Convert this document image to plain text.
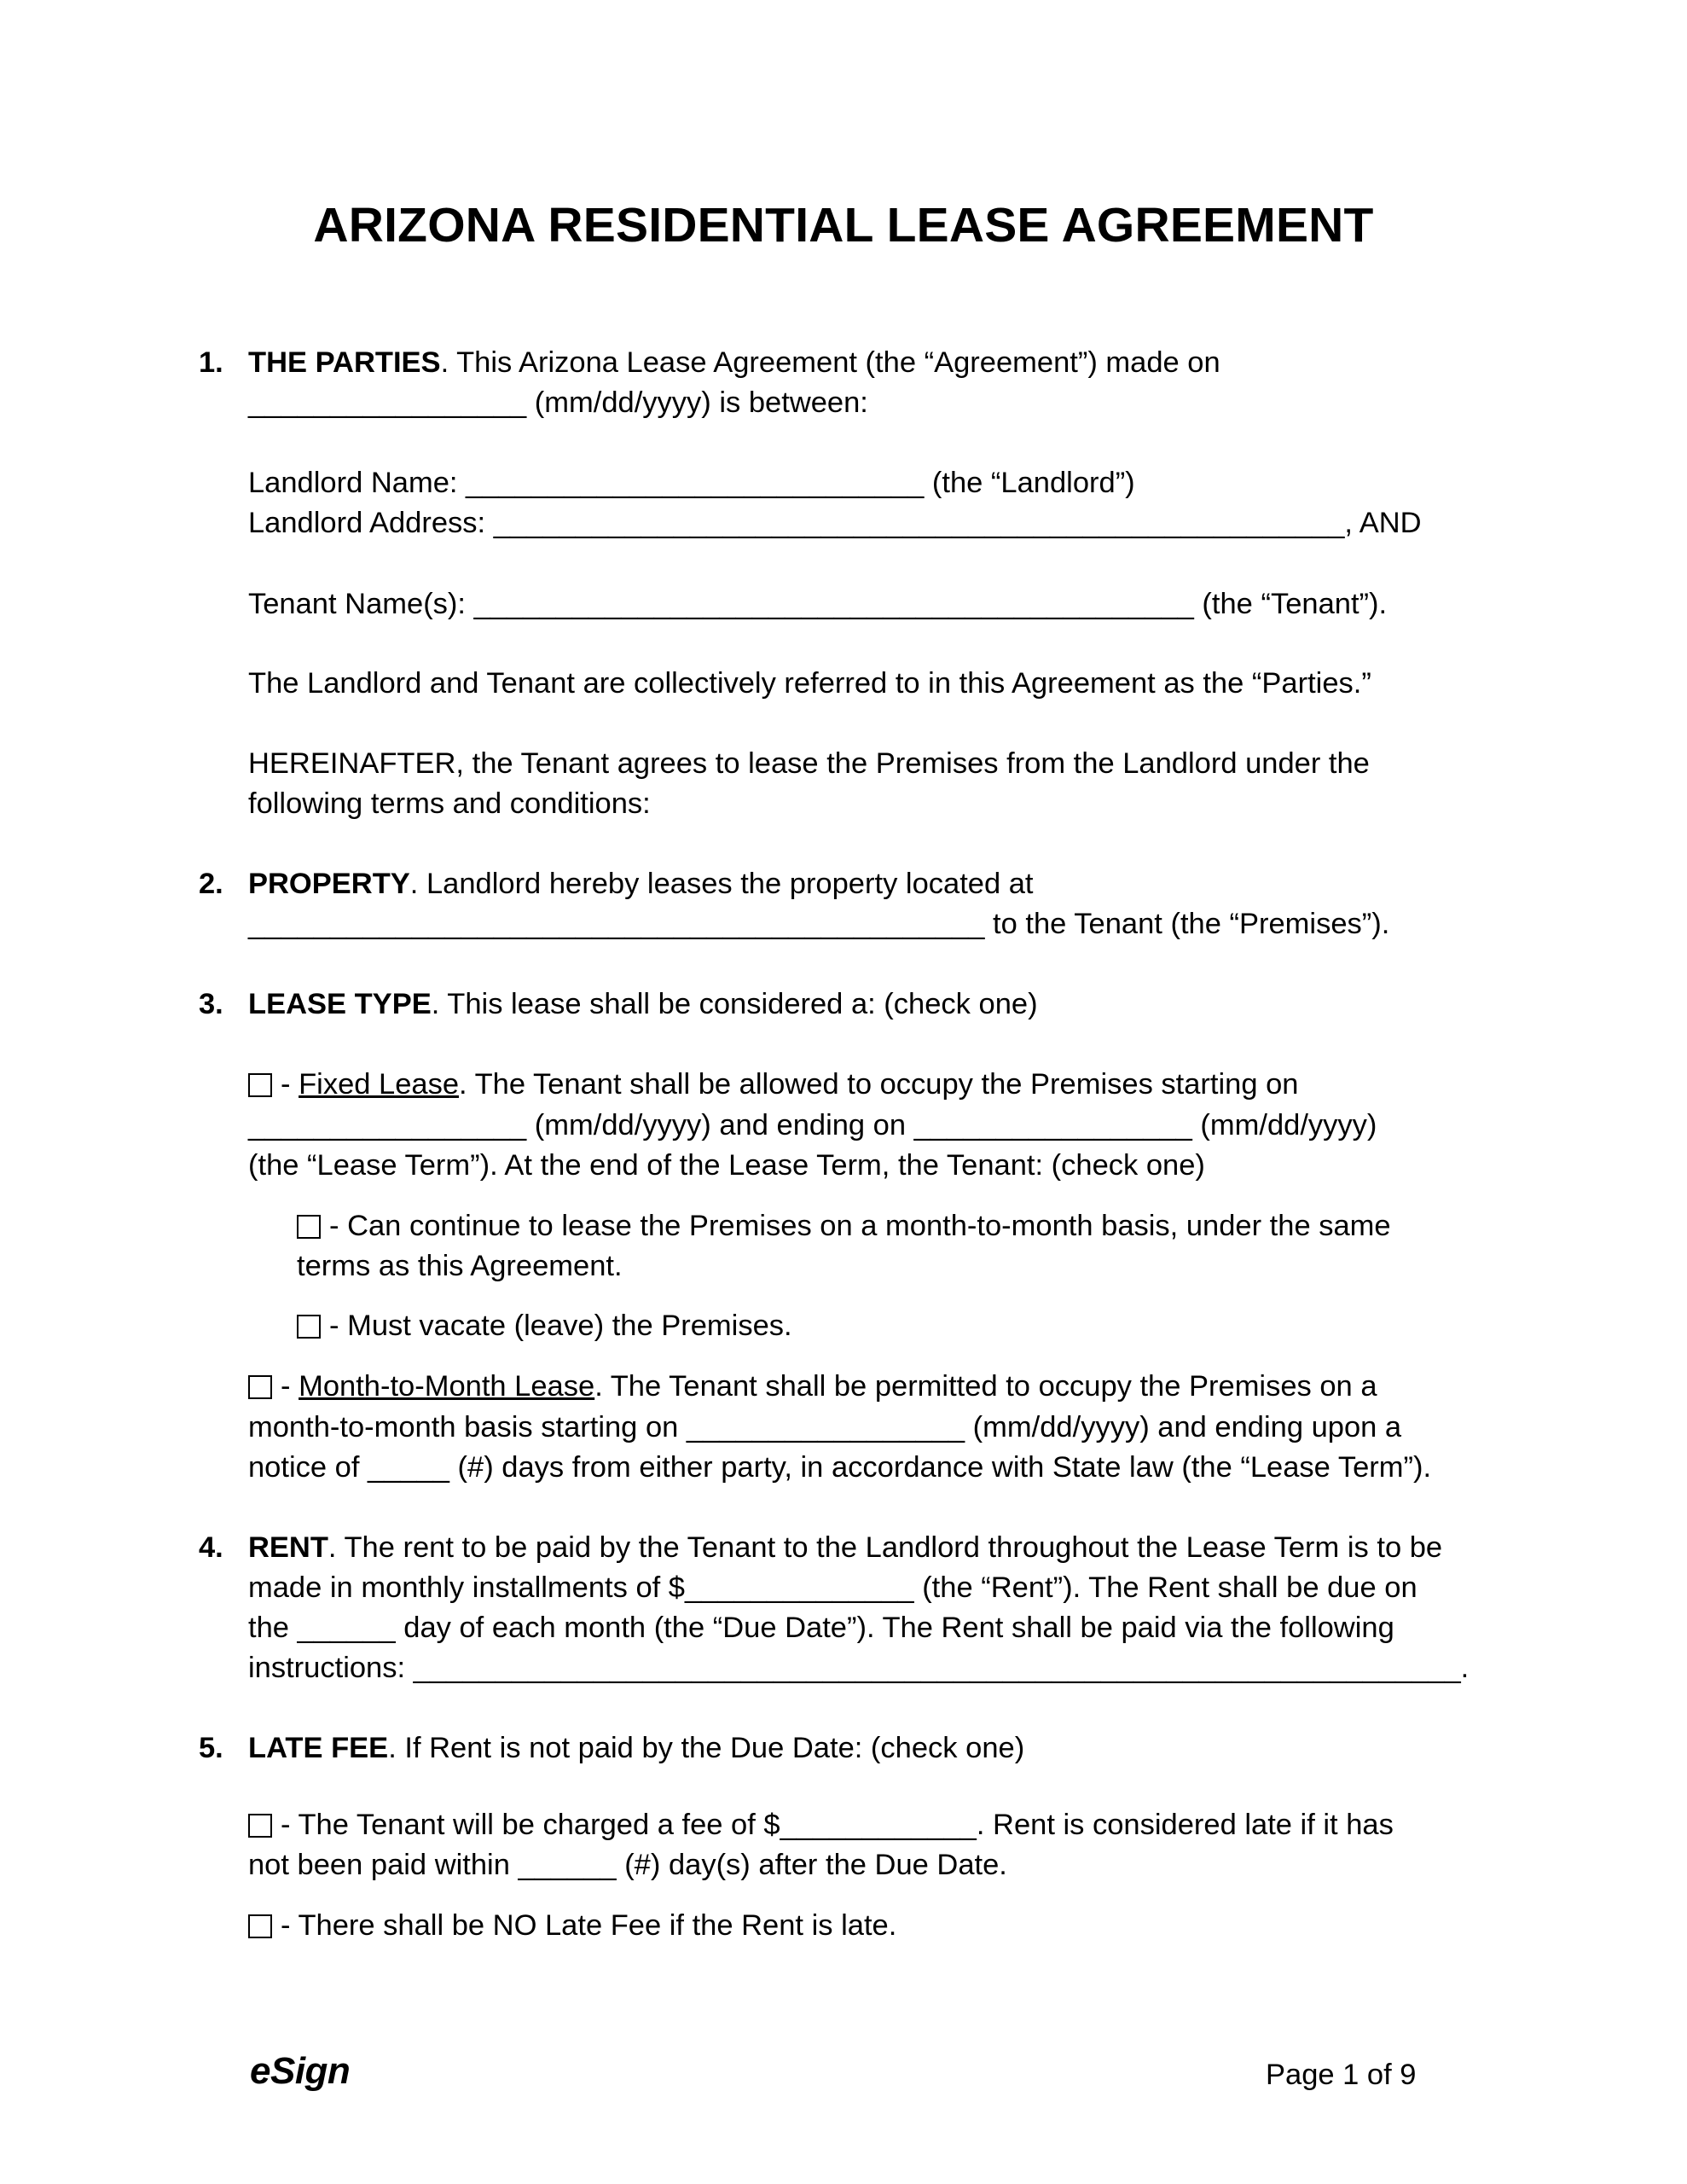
ARIZONA RESIDENTIAL LEASE AGREEMENT
1. THE PARTIES. This Arizona Lease Agreement (the “Agreement”) made on
_________________ (mm/dd/yyyy) is between:
Landlord Name: ____________________________ (the “Landlord”)
Landlord Address: ____________________________________________________, AND
Tenant Name(s): ____________________________________________ (the “Tenant”).
The Landlord and Tenant are collectively referred to in this Agreement as the “Parties.”
HEREINAFTER, the Tenant agrees to lease the Premises from the Landlord under the
following terms and conditions:
2. PROPERTY. Landlord hereby leases the property located at
_____________________________________________ to the Tenant (the “Premises”).
3. LEASE TYPE. This lease shall be considered a: (check one)
- Fixed Lease. The Tenant shall be allowed to occupy the Premises starting on
_________________ (mm/dd/yyyy) and ending on _________________ (mm/dd/yyyy)
(the “Lease Term”). At the end of the Lease Term, the Tenant: (check one)
- Can continue to lease the Premises on a month-to-month basis, under the same
terms as this Agreement.
- Must vacate (leave) the Premises.
- Month-to-Month Lease. The Tenant shall be permitted to occupy the Premises on a
month-to-month basis starting on _________________ (mm/dd/yyyy) and ending upon a
notice of _____ (#) days from either party, in accordance with State law (the “Lease Term”).
4. RENT. The rent to be paid by the Tenant to the Landlord throughout the Lease Term is to be
made in monthly installments of $______________ (the “Rent”). The Rent shall be due on
the ______ day of each month (the “Due Date”). The Rent shall be paid via the following
instructions: ________________________________________________________________.
5. LATE FEE. If Rent is not paid by the Due Date: (check one)
- The Tenant will be charged a fee of $____________. Rent is considered late if it has
not been paid within ______ (#) day(s) after the Due Date.
- There shall be NO Late Fee if the Rent is late.
eSign	Page 1 of 9
